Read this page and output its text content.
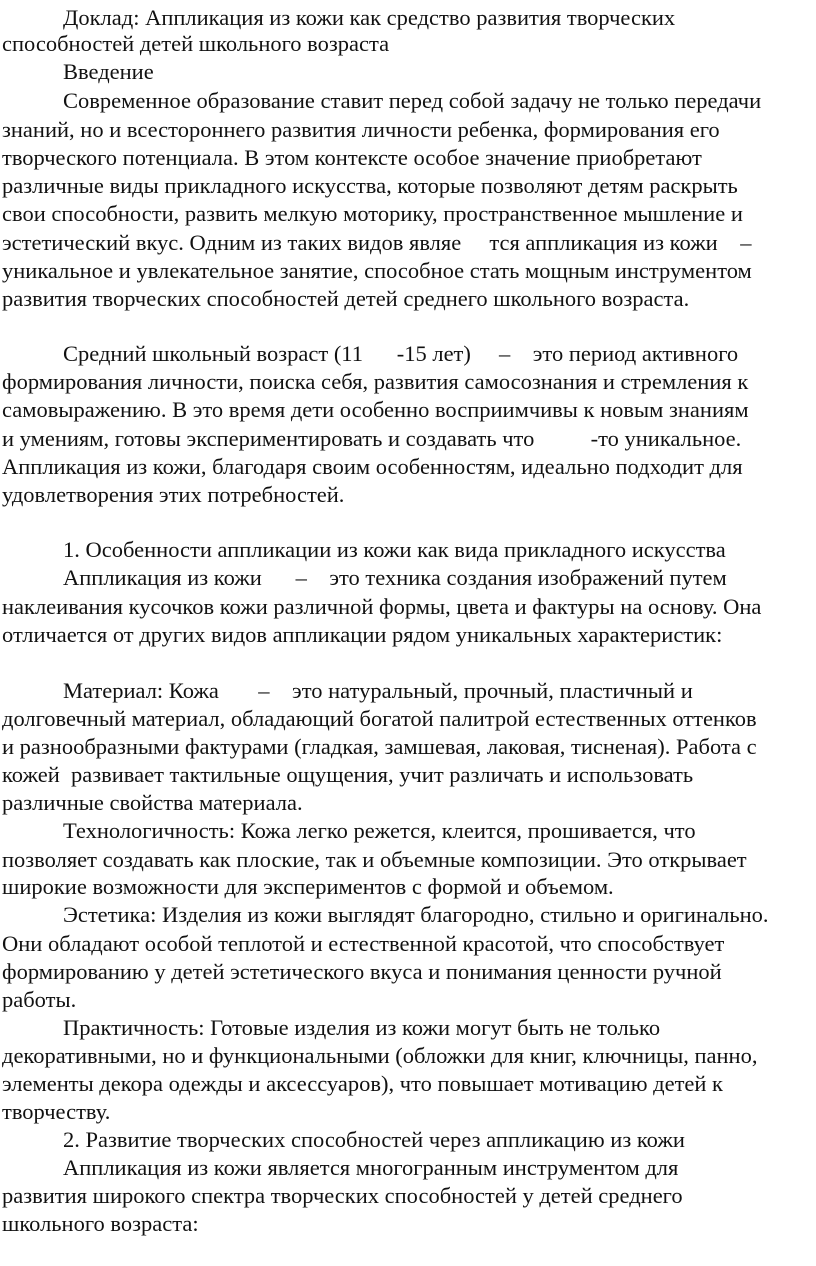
Доклад: Аппликация из кожи как средство развития творческих
способностей детей школьного возраста
Введение
Современное образование ставит перед собой задачу не только передачи
знаний, но и всестороннего развития личности ребенка, формирования его
творческого потенциала. В этом контексте особое значение приобретают
различные виды прикладного искусства, которые позволяют детям раскрыть
свои способности, развить мелкую моторику, пространственное мышление и
эстетический вкус. Одним из таких видов являе     тся аппликация из кожи    –
уникальное и увлекательное занятие, способное стать мощным инструментом
развития творческих способностей детей среднего школьного возраста.
Средний школьный возраст (11      -15 лет)     –    это период активного
формирования личности, поиска себя, развития самосознания и стремления к
самовыражению. В это время дети особенно восприимчивы к новым знаниям
и умениям, готовы экспериментировать и создавать что          -то уникальное.
Аппликация из кожи, благодаря своим особенностям, идеально подходит для
удовлетворения этих потребностей.
1. Особенности аппликации из кожи как вида прикладного искусства
Аппликация из кожи      –    это техника создания изображений путем
наклеивания кусочков кожи различной формы, цвета и фактуры на основу. Она
отличается от других видов аппликации рядом уникальных характеристик:
Материал: Кожа       –    это натуральный, прочный, пластичный и
долговечный материал, обладающий богатой палитрой естественных оттенков
и разнообразными фактурами (гладкая, замшевая, лаковая, тисненая). Работа с
кожей  развивает тактильные ощущения, учит различать и использовать
различные свойства материала.
Технологичность: Кожа легко режется, клеится, прошивается, что
позволяет создавать как плоские, так и объемные композиции. Это открывает
широкие возможности для экспериментов с формой и объемом.
Эстетика: Изделия из кожи выглядят благородно, стильно и оригинально.
Они обладают особой теплотой и естественной красотой, что способствует
формированию у детей эстетического вкуса и понимания ценности ручной
работы.
Практичность: Готовые изделия из кожи могут быть не только
декоративными, но и функциональными (обложки для книг, ключницы, панно,
элементы декора одежды и аксессуаров), что повышает мотивацию детей к
творчеству.
2. Развитие творческих способностей через аппликацию из кожи
Аппликация из кожи является многогранным инструментом для
развития широкого спектра творческих способностей у детей среднего
школьного возраста:
